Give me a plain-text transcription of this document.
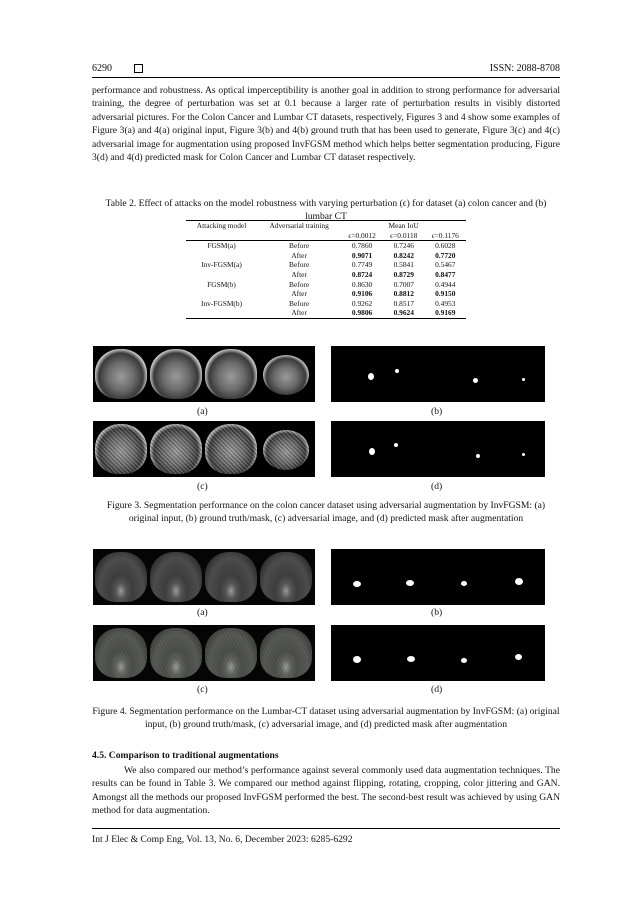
6290	ISSN: 2088-8708

performance and robustness. As optical imperceptibility is another goal in addition to strong performance for adversarial training, the degree of perturbation was set at 0.1 because a larger rate of perturbation results in visibly distorted adversarial pictures. For the Colon Cancer and Lumbar CT datasets, respectively, Figures 3 and 4 show some examples of Figure 3(a) and 4(a) original input, Figure 3(b) and 4(b) ground truth that has been used to generate, Figure 3(c) and 4(c) adversarial image for augmentation using proposed InvFGSM method which helps better segmentation producing, Figure 3(d) and 4(d) predicted mask for Colon Cancer and Lumbar CT dataset respectively.

Table 2. Effect of attacks on the model robustness with varying perturbation (ϵ) for dataset (a) colon cancer and (b) lumbar CT

Attacking model	Adversarial training	Mean IoU		
		ϵ=0.0012	ϵ=0.0118	ϵ=0.1176
FGSM(a)	Before	0.7860	0.7246	0.6028
	After	0.9071	0.8242	0.7720
Inv-FGSM(a)	Before	0.7749	0.5841	0.5467
	After	0.8724	0.8729	0.8477
FGSM(b)	Before	0.8630	0.7007	0.4944
	After	0.9106	0.8812	0.9150
Inv-FGSM(b)	Before	0.9262	0.8517	0.4953
	After	0.9806	0.9624	0.9169
(a)	(b)
(c)	(d)

Figure 3. Segmentation performance on the colon cancer dataset using adversarial augmentation by InvFGSM: (a) original input, (b) ground truth/mask, (c) adversarial image, and (d) predicted mask after augmentation

(a)	(b)
(c)	(d)

Figure 4. Segmentation performance on the Lumbar-CT dataset using adversarial augmentation by InvFGSM: (a) original input, (b) ground truth/mask, (c) adversarial image, and (d) predicted mask after augmentation

4.5. Comparison to traditional augmentations

We also compared our method’s performance against several commonly used data augmentation techniques. The results can be found in Table 3. We compared our method against flipping, rotating, cropping, color jittering and GAN. Amongst all the methods our proposed InvFGSM performed the best. The second-best result was achieved by using GAN method for data augmentation.

Int J Elec & Comp Eng, Vol. 13, No. 6, December 2023: 6285-6292
